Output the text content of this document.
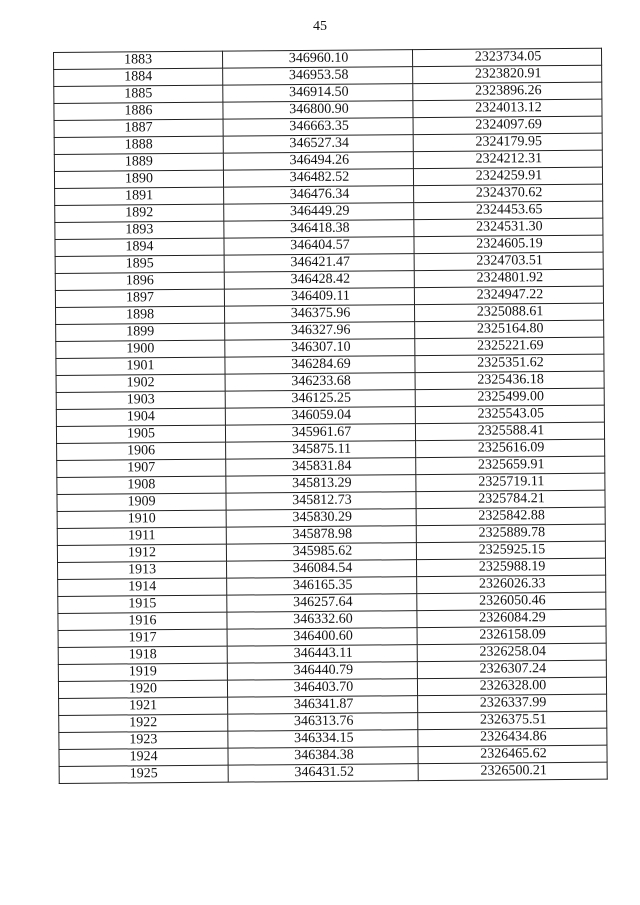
45
1883	346960.10	2323734.05
1884	346953.58	2323820.91
1885	346914.50	2323896.26
1886	346800.90	2324013.12
1887	346663.35	2324097.69
1888	346527.34	2324179.95
1889	346494.26	2324212.31
1890	346482.52	2324259.91
1891	346476.34	2324370.62
1892	346449.29	2324453.65
1893	346418.38	2324531.30
1894	346404.57	2324605.19
1895	346421.47	2324703.51
1896	346428.42	2324801.92
1897	346409.11	2324947.22
1898	346375.96	2325088.61
1899	346327.96	2325164.80
1900	346307.10	2325221.69
1901	346284.69	2325351.62
1902	346233.68	2325436.18
1903	346125.25	2325499.00
1904	346059.04	2325543.05
1905	345961.67	2325588.41
1906	345875.11	2325616.09
1907	345831.84	2325659.91
1908	345813.29	2325719.11
1909	345812.73	2325784.21
1910	345830.29	2325842.88
1911	345878.98	2325889.78
1912	345985.62	2325925.15
1913	346084.54	2325988.19
1914	346165.35	2326026.33
1915	346257.64	2326050.46
1916	346332.60	2326084.29
1917	346400.60	2326158.09
1918	346443.11	2326258.04
1919	346440.79	2326307.24
1920	346403.70	2326328.00
1921	346341.87	2326337.99
1922	346313.76	2326375.51
1923	346334.15	2326434.86
1924	346384.38	2326465.62
1925	346431.52	2326500.21
